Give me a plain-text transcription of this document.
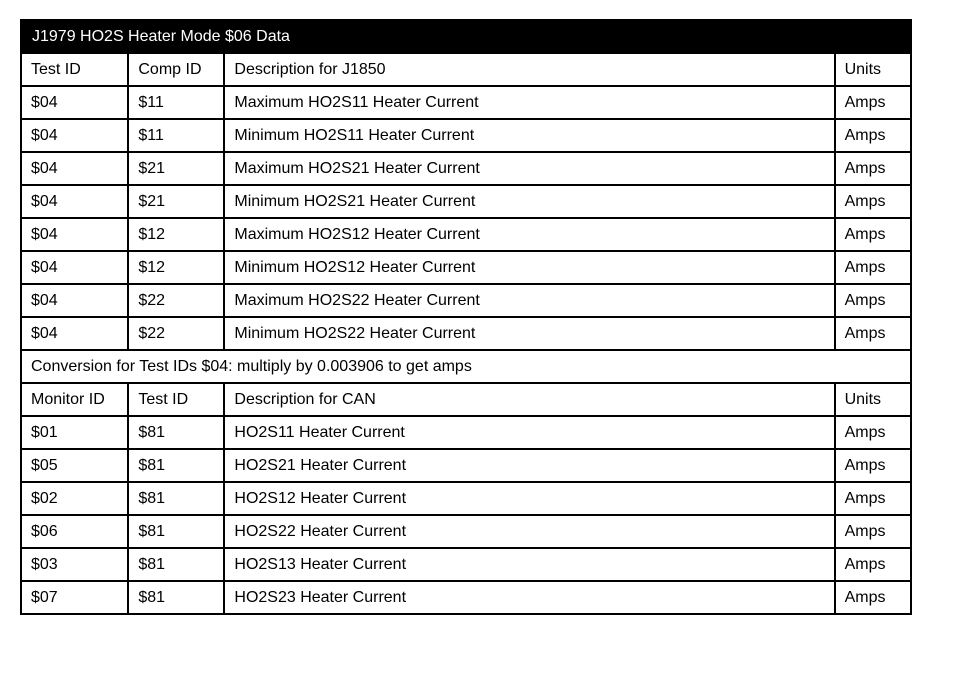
J1979 HO2S Heater Mode $06 Data			
Test ID	Comp ID	Description for J1850	Units
$04	$11	Maximum HO2S11 Heater Current	Amps
$04	$11	Minimum HO2S11 Heater Current	Amps
$04	$21	Maximum HO2S21 Heater Current	Amps
$04	$21	Minimum HO2S21 Heater Current	Amps
$04	$12	Maximum HO2S12 Heater Current	Amps
$04	$12	Minimum HO2S12 Heater Current	Amps
$04	$22	Maximum HO2S22 Heater Current	Amps
$04	$22	Minimum HO2S22 Heater Current	Amps
Conversion for Test IDs $04: multiply by 0.003906 to get amps			
Monitor ID	Test ID	Description for CAN	Units
$01	$81	HO2S11 Heater Current	Amps
$05	$81	HO2S21 Heater Current	Amps
$02	$81	HO2S12 Heater Current	Amps
$06	$81	HO2S22 Heater Current	Amps
$03	$81	HO2S13 Heater Current	Amps
$07	$81	HO2S23 Heater Current	Amps
